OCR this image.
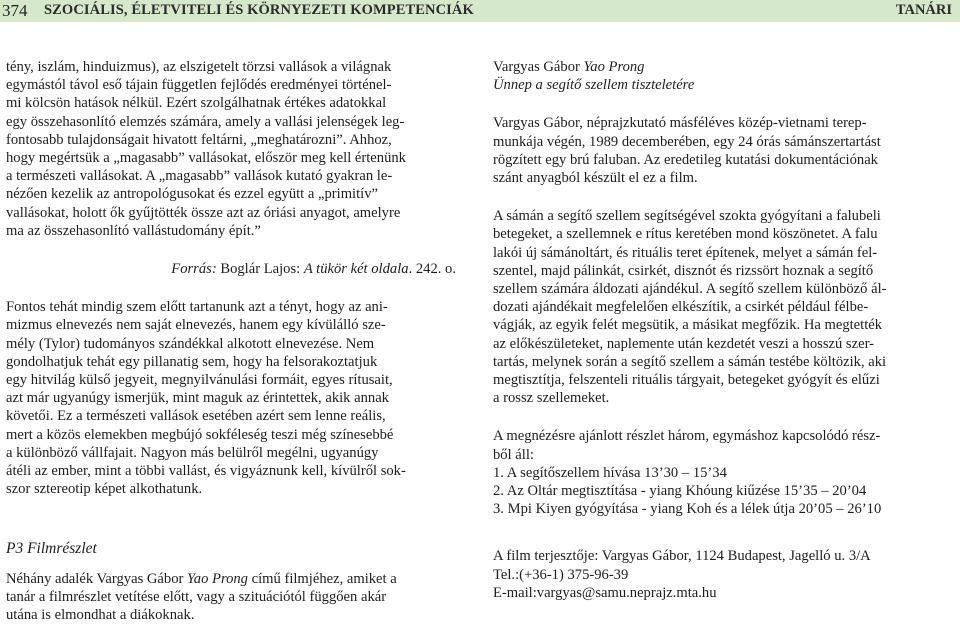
374 SZOCIÁLIS, ÉLETVITELI ÉS KÖRNYEZETI KOMPETENCIÁK	TANÁRI
tény, iszlám, hinduizmus), az elszigetelt törzsi vallások a világnak
egymástól távol eső tájain független fejlődés eredményei történel-
mi kölcsön hatások nélkül. Ezért szolgálhatnak értékes adatokkal
egy összehasonlító elemzés számára, amely a vallási jelenségek leg-
fontosabb tulajdonságait hivatott feltárni, „meghatározni”. Ahhoz,
hogy megértsük a „magasabb” vallásokat, először meg kell értenünk
a természeti vallásokat. A „magasabb” vallások kutató gyakran le-
nézően kezelik az antropológusokat és ezzel együtt a „primitív”
vallásokat, holott ők gyűjtötték össze azt az óriási anyagot, amelyre
ma az összehasonlító vallástudomány épít.”
Forrás: Boglár Lajos: A tükör két oldala. 242. o.
Fontos tehát mindig szem előtt tartanunk azt a tényt, hogy az ani-
mizmus elnevezés nem saját elnevezés, hanem egy kívülálló sze-
mély (Tylor) tudományos szándékkal alkotott elnevezése. Nem
gondolhatjuk tehát egy pillanatig sem, hogy ha felsorakoztatjuk
egy hitvilág külső jegyeit, megnyilvánulási formáit, egyes rítusait,
azt már ugyanúgy ismerjük, mint maguk az érintettek, akik annak
követői. Ez a természeti vallások esetében azért sem lenne reális,
mert a közös elemekben megbújó sokféleség teszi még színesebbé
a különböző vállfajait. Nagyon más belülről megélni, ugyanúgy
átéli az ember, mint a többi vallást, és vigyáznunk kell, kívülről sok-
szor sztereotip képet alkothatunk.
P3 Filmrészlet
Néhány adalék Vargyas Gábor Yao Prong című filmjéhez, amiket a
tanár a filmrészlet vetítése előtt, vagy a szituációtól függően akár
utána is elmondhat a diákoknak.
Vargyas Gábor Yao Prong
Ünnep a segítő szellem tiszteletére
Vargyas Gábor, néprajzkutató másféléves közép-vietnami terep-
munkája végén, 1989 decemberében, egy 24 órás sámánszertartást
rögzített egy brú faluban. Az eredetileg kutatási dokumentációnak
szánt anyagból készült el ez a film.
A sámán a segítő szellem segítségével szokta gyógyítani a falubeli
betegeket, a szellemnek e rítus keretében mond köszönetet. A falu
lakói új sámánoltárt, és rituális teret építenek, melyet a sámán fel-
szentel, majd pálinkát, csirkét, disznót és rizssört hoznak a segítő
szellem számára áldozati ajándékul. A segítő szellem különböző ál-
dozati ajándékait megfelelően elkészítik, a csirkét például félbe-
vágják, az egyik felét megsütik, a másikat megfőzik. Ha megtették
az előkészületeket, naplemente után kezdetét veszi a hosszú szer-
tartás, melynek során a segítő szellem a sámán testébe költözik, aki
megtisztítja, felszenteli rituális tárgyait, betegeket gyógyít és elűzi
a rossz szellemeket.
A megnézésre ajánlott részlet három, egymáshoz kapcsolódó rész-
ből áll:
1. A segítőszellem hívása 13’30 – 15’34
2. Az Oltár megtisztítása - yiang Khóung kiűzése 15’35 – 20’04
3. Mpi Kiyen gyógyítása - yiang Koh és a lélek útja 20’05 – 26’10
A film terjesztője: Vargyas Gábor, 1124 Budapest, Jagelló u. 3/A
Tel.:(+36-1) 375-96-39
E-mail:vargyas@samu.neprajz.mta.hu
